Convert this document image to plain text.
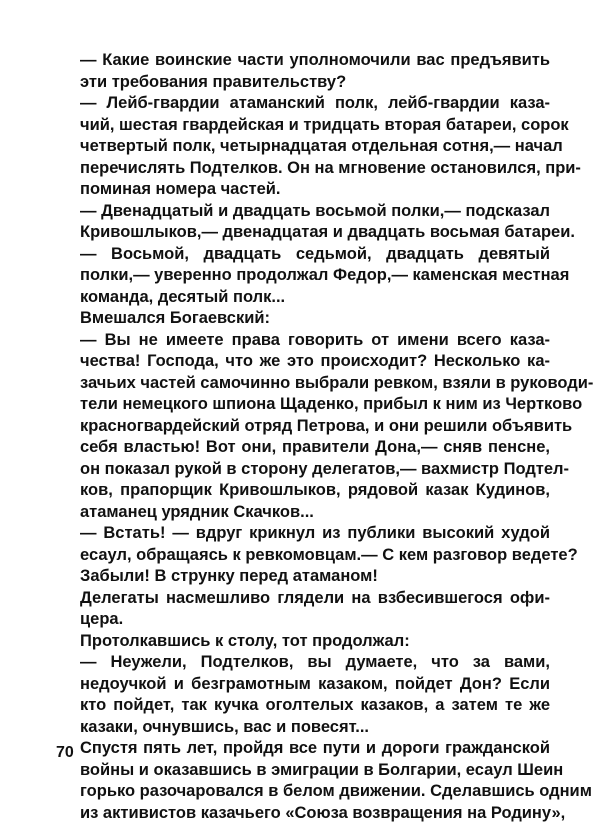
— Какие воинские части уполномочили вас предъявить
эти требования правительству?

— Лейб-гвардии атаманский полк, лейб-гвардии каза-
чий, шестая гвардейская и тридцать вторая батареи, сорок
четвертый полк, четырнадцатая отдельная сотня,— начал
перечислять Подтелков. Он на мгновение остановился, при-
поминая номера частей.

— Двенадцатый и двадцать восьмой полки,— подсказал
Кривошлыков,— двенадцатая и двадцать восьмая батареи.

— Восьмой, двадцать седьмой, двадцать девятый
полки,— уверенно продолжал Федор,— каменская местная
команда, десятый полк...

Вмешался Богаевский:

— Вы не имеете права говорить от имени всего каза-
чества! Господа, что же это происходит? Несколько ка-
зачьих частей самочинно выбрали ревком, взяли в руководи-
тели немецкого шпиона Щаденко, прибыл к ним из Чертково
красногвардейский отряд Петрова, и они решили объявить
себя властью! Вот они, правители Дона,— сняв пенсне,
он показал рукой в сторону делегатов,— вахмистр Подтел-
ков, прапорщик Кривошлыков, рядовой казак Кудинов,
атаманец урядник Скачков...

— Встать! — вдруг крикнул из публики высокий худой
есаул, обращаясь к ревкомовцам.— С кем разговор ведете?
Забыли! В струнку перед атаманом!

Делегаты насмешливо глядели на взбесившегося офи-
цера.

Протолкавшись к столу, тот продолжал:

— Неужели, Подтелков, вы думаете, что за вами,
недоучкой и безграмотным казаком, пойдет Дон? Если
кто пойдет, так кучка оголтелых казаков, а затем те же
казаки, очнувшись, вас и повесят...

Спустя пять лет, пройдя все пути и дороги гражданской
войны и оказавшись в эмиграции в Болгарии, есаул Шеин
горько разочаровался в белом движении. Сделавшись одним
из активистов казачьего «Союза возвращения на Родину»,

70
